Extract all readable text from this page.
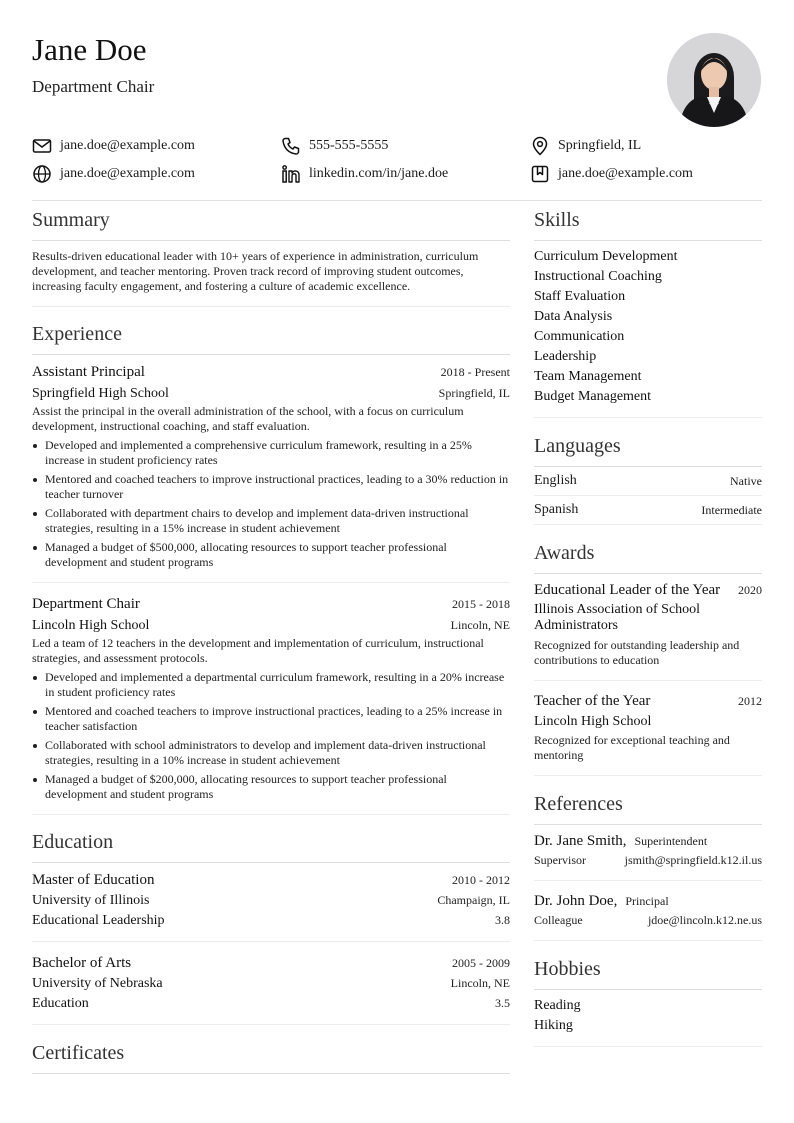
Jane Doe
Department Chair
jane.doe@example.com	555-555-5555	Springfield, IL
jane.doe@example.com	linkedin.com/in/jane.doe	jane.doe@example.com
Summary
Results-driven educational leader with 10+ years of experience in administration, curriculum development, and teacher mentoring. Proven track record of improving student outcomes, increasing faculty engagement, and fostering a culture of academic excellence.
Experience
Assistant Principal	2018 - Present
Springfield High School	Springfield, IL
Assist the principal in the overall administration of the school, with a focus on curriculum development, instructional coaching, and staff evaluation.
Developed and implemented a comprehensive curriculum framework, resulting in a 25% increase in student proficiency rates
Mentored and coached teachers to improve instructional practices, leading to a 30% reduction in teacher turnover
Collaborated with department chairs to develop and implement data-driven instructional strategies, resulting in a 15% increase in student achievement
Managed a budget of $500,000, allocating resources to support teacher professional development and student programs
Department Chair	2015 - 2018
Lincoln High School	Lincoln, NE
Led a team of 12 teachers in the development and implementation of curriculum, instructional strategies, and assessment protocols.
Developed and implemented a departmental curriculum framework, resulting in a 20% increase in student proficiency rates
Mentored and coached teachers to improve instructional practices, leading to a 25% increase in teacher satisfaction
Collaborated with school administrators to develop and implement data-driven instructional strategies, resulting in a 10% increase in student achievement
Managed a budget of $200,000, allocating resources to support teacher professional development and student programs
Education
Master of Education	2010 - 2012
University of Illinois	Champaign, IL
Educational Leadership	3.8
Bachelor of Arts	2005 - 2009
University of Nebraska	Lincoln, NE
Education	3.5
Certificates
Skills
Curriculum Development
Instructional Coaching
Staff Evaluation
Data Analysis
Communication
Leadership
Team Management
Budget Management
Languages
English	Native
Spanish	Intermediate
Awards
Educational Leader of the Year 2020
Illinois Association of School Administrators
Recognized for outstanding leadership and contributions to education
Teacher of the Year	2012
Lincoln High School
Recognized for exceptional teaching and mentoring
References
Dr. Jane Smith, Superintendent
Supervisor	jsmith@springfield.k12.il.us
Dr. John Doe, Principal
Colleague	jdoe@lincoln.k12.ne.us
Hobbies
Reading
Hiking
